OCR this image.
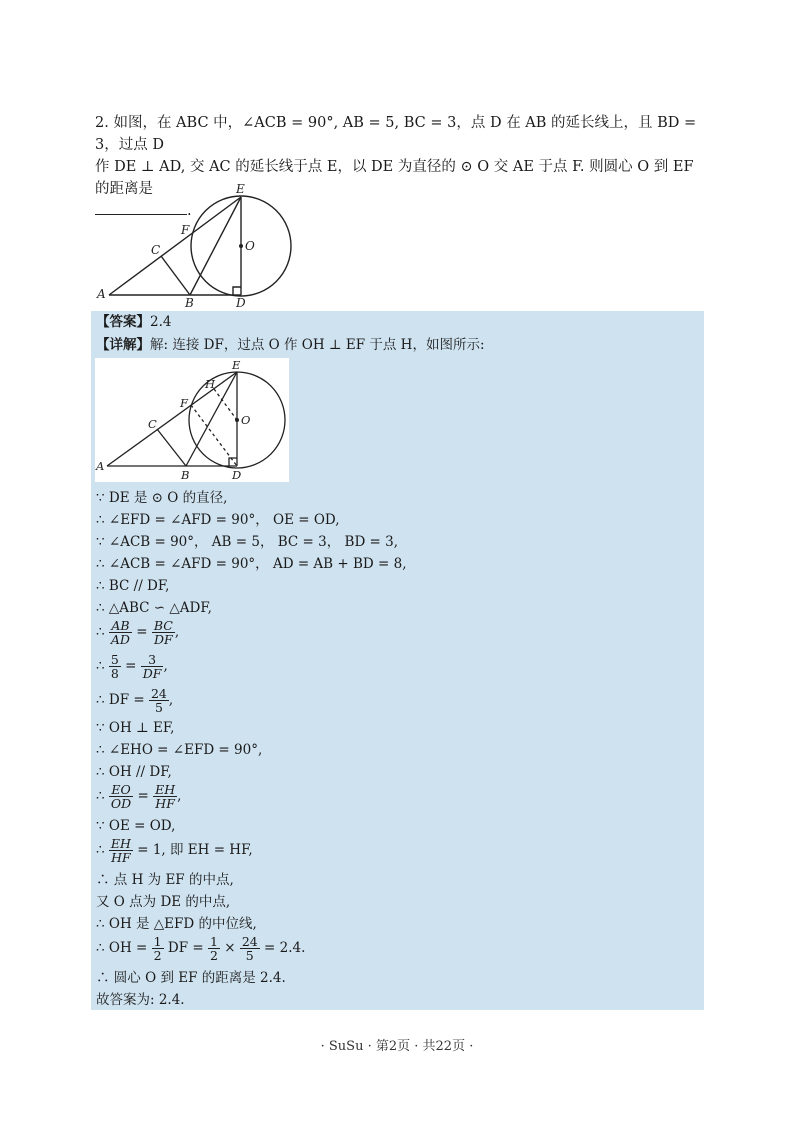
2. 如图，在 ABC 中，∠ACB = 90°, AB = 5, BC = 3，点 D 在 AB 的延长线上，且 BD = 3，过点 D
作 DE ⊥ AD, 交 AC 的延长线于点 E，以 DE 为直径的 ⊙ O 交 AE 于点 F. 则圆心 O 到 EF 的距离是
.
A
B
C
D
E
F
O
【答案】2.4
【详解】解: 连接 DF，过点 O 作 OH ⊥ EF 于点 H，如图所示:
A
B
C
D
E
F
H
O
∵ DE 是 ⊙ O 的直径,
∴ ∠EFD = ∠AFD = 90°， OE = OD,
∵ ∠ACB = 90°， AB = 5， BC = 3， BD = 3,
∴ ∠ACB = ∠AFD = 90°， AD = AB + BD = 8,
∴ BC // DF,
∴ △ABC ∽ △ADF,
∴ $\frac{AB}{AD} = \frac{BC}{DF}$ ,
∴ $\frac{5}{8} = \frac{3}{DF}$ ,
∴ DF = $\frac{24}{5}$ ,
∵ OH ⊥ EF,
∴ ∠EHO = ∠EFD = 90°,
∴ OH // DF,
∴ $\frac{EO}{OD} = \frac{EH}{HF}$ ,
∵ OE = OD,
∴ $\frac{EH}{HF} = 1$, 即 EH = HF,
∴ 点 H 为 EF 的中点,
又 O 点为 DE 的中点,
∴ OH 是 △EFD 的中位线,
∴ OH = $\frac{1}{2}$ DF = $\frac{1}{2} \times \frac{24}{5} = 2.4$.
∴ 圆心 O 到 EF 的距离是 2.4.
故答案为: 2.4.
· SuSu · 第2页 · 共22页 ·
